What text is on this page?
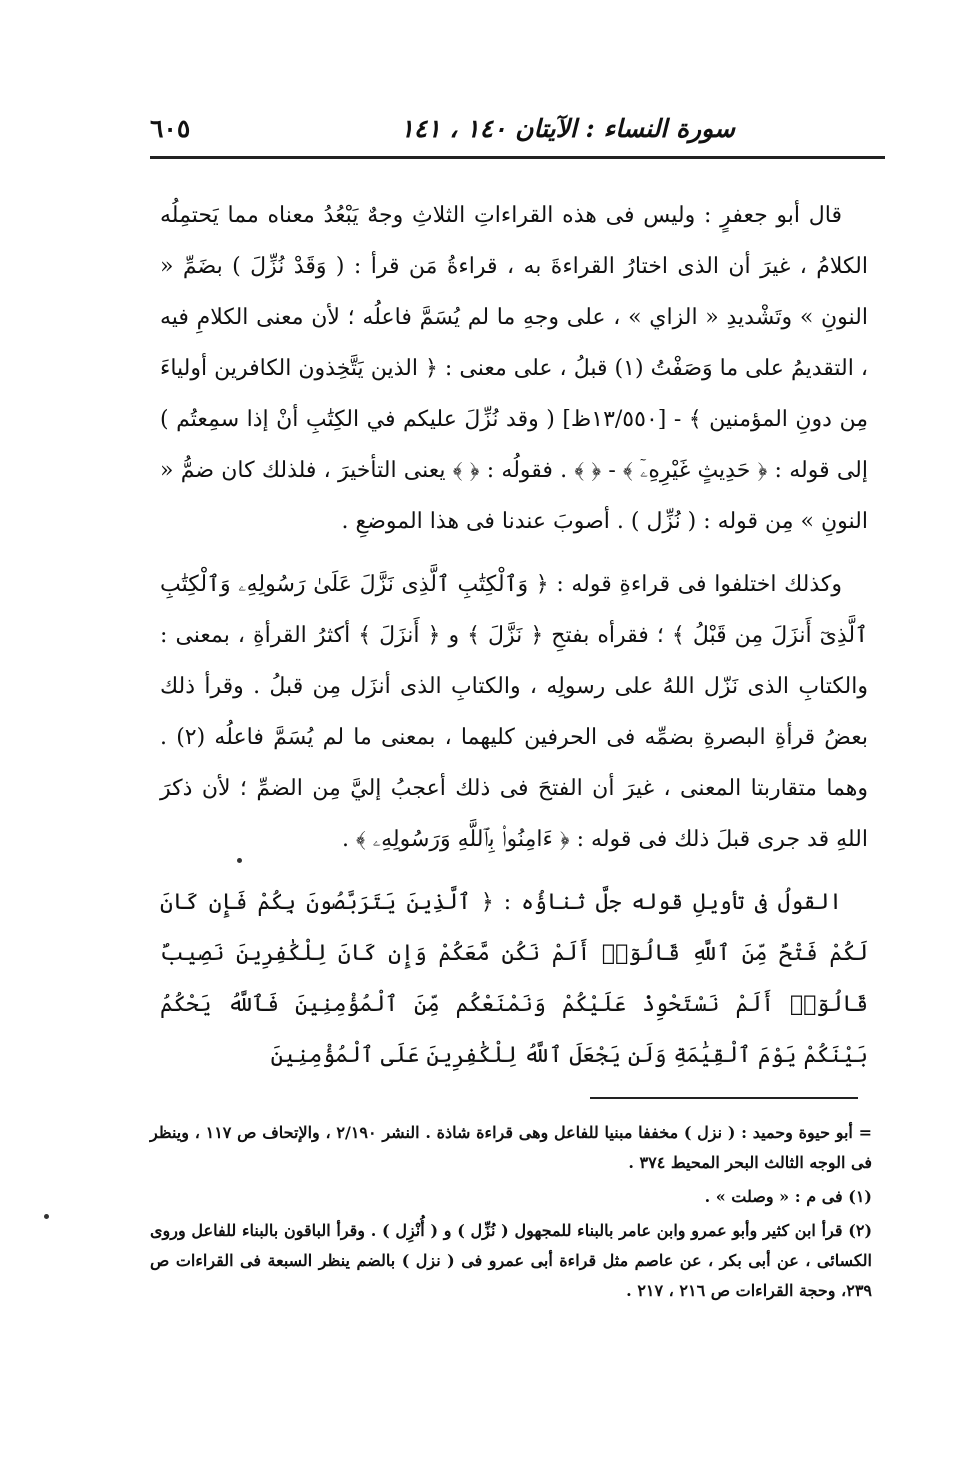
سورة النساء : الآيتان ١٤٠ ، ١٤١
٦٠٥

قال أبو جعفرٍ : وليس فى هذه القراءاتِ الثلاثِ وجهٌ يَبْعُدُ معناه مما يَحتمِلُه الكلامُ ، غيرَ أن الذى اختارُ القراءةَ به ، قراءةُ مَن قرأ : ( وَقَدْ نُزِّلَ ) بضَمِّ « النونِ » وتَشْديدِ « الزاي » ، على وجهِ ما لم يُسَمَّ فاعلُه ؛ لأن معنى الكلامِ فيه ، التقديمُ على ما وَصَفْتُ (١) قبلُ ، على معنى : ﴿ الذين يَتَّخِذون الكافرين أولياءَ مِن دونِ المؤمنين ﴾ - [١٣/٥٥٠ظ] ( وقد نُزِّلَ عليكم في الكِتَٰبِ أنْ إذا سمِعتُم ) إلى قوله : ﴿ حَدِيثٍ غَيْرِهِۦٓ ﴾ - ﴿ ﴾ . فقولُه : ﴿ ﴾ يعنى التأخيرَ ، فلذلك كان ضمُّ « النونِ » مِن قوله : ( نُزِّل ) . أصوبَ عندنا فى هذا الموضعِ .

وكذلك اختلفوا فى قراءةِ قوله : ﴿ وَٱلْكِتَٰبِ ٱلَّذِى نَزَّلَ عَلَىٰ رَسُولِهِۦ وَٱلْكِتَٰبِ ٱلَّذِىٓ أَنزَلَ مِن قَبْلُ ﴾ ؛ فقرأه بفتحِ ﴿ نَزَّلَ ﴾ و ﴿ أَنزَلَ ﴾ أكثرُ القرأةِ ، بمعنى : والكتابِ الذى نَزّل اللهُ على رسولِه ، والكتابِ الذى أنزَل مِن قبلُ . وقرأ ذلك بعضُ قرأةِ البصرةِ بضمِّه فى الحرفين كليهما ، بمعنى ما لم يُسَمَّ فاعلُه (٢) . وهما متقاربتا المعنى ، غيرَ أن الفتحَ فى ذلك أعجبُ إليَّ مِن الضمِّ ؛ لأن ذكرَ اللهِ قد جرى قبلَ ذلك فى قوله : ﴿ ءَامِنُوا۟ بِٱللَّهِ وَرَسُولِهِۦ ﴾ .

القولُ فى تأويلِ قوله جلَّ ثناؤُه : ﴿ ٱلَّذِينَ يَتَرَبَّصُونَ بِكُمْ فَإِن كَانَ لَكُمْ فَتْحٌ مِّنَ ٱللَّهِ قَالُوٓا۟ أَلَمْ نَكُن مَّعَكُمْ وَإِن كَانَ لِلْكَٰفِرِينَ نَصِيبٌ قَالُوٓا۟ أَلَمْ نَسْتَحْوِذْ عَلَيْكُمْ وَنَمْنَعْكُم مِّنَ ٱلْمُؤْمِنِينَ فَٱللَّهُ يَحْكُمُ بَيْنَكُمْ يَوْمَ ٱلْقِيَٰمَةِ وَلَن يَجْعَلَ ٱللَّهُ لِلْكَٰفِرِينَ عَلَى ٱلْمُؤْمِنِينَ

= أبو حيوة وحميد : ( نزل ) مخففا مبنيا للفاعل وهى قراءة شاذة . النشر ٢/١٩٠ ، والإتحاف ص ١١٧ ، وينظر فى الوجه الثالث البحر المحيط ٣٧٤ .

(١) فى م : « وصلت » .

(٢) قرأ ابن كثير وأبو عمرو وابن عامر بالبناء للمجهول ( نُزِّل ) و ( أُنْزِل ) . وقرأ الباقون بالبناء للفاعل وروى الكسائى ، عن أبى بكر ، عن عاصم مثل قراءة أبى عمرو فى ( نزل ) بالضم ينظر السبعة فى القراءات ص ٢٣٩، وحجة القراءات ص ٢١٦ ، ٢١٧ .
